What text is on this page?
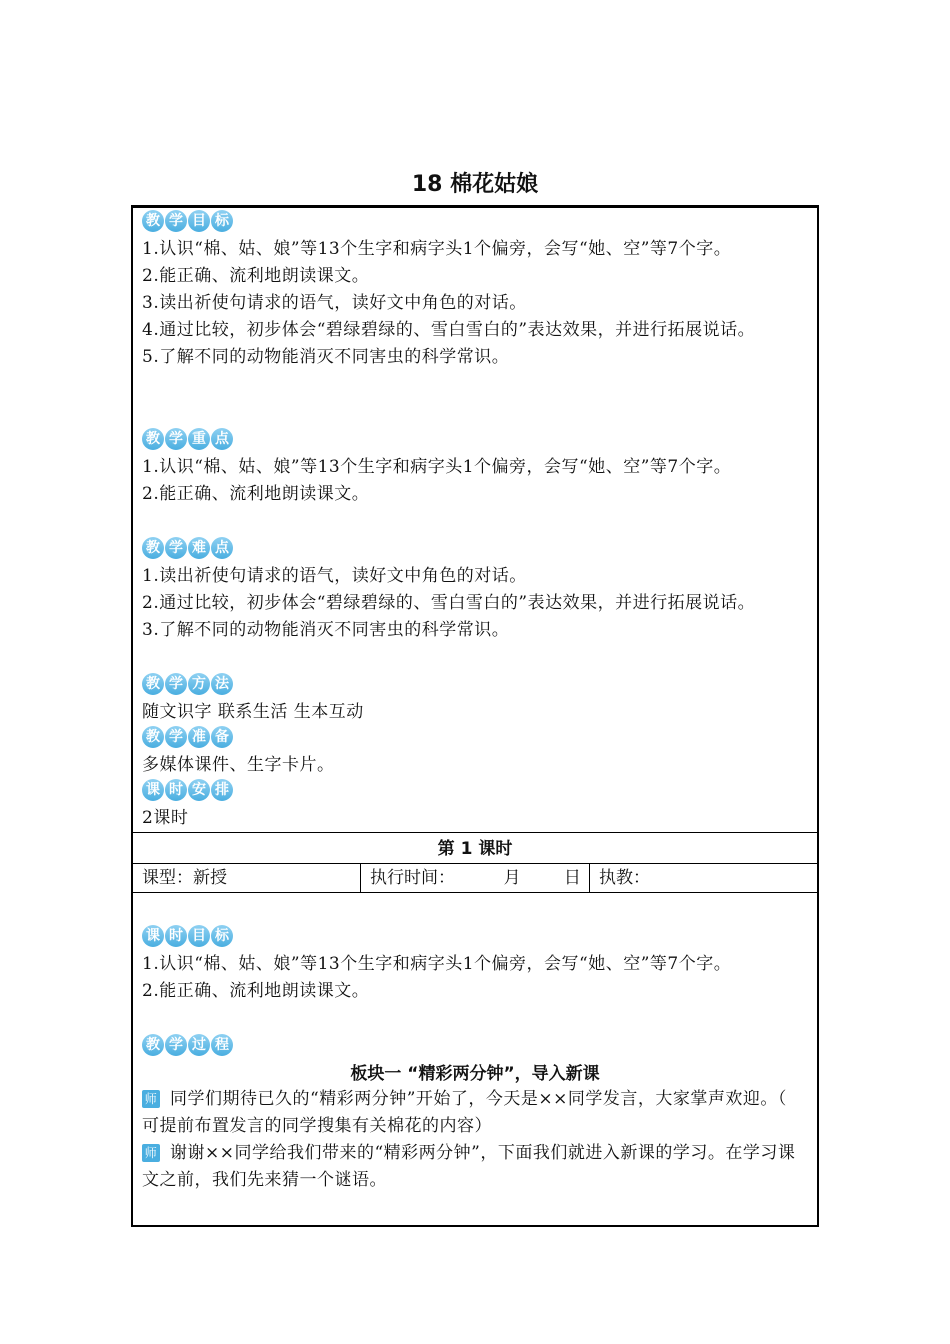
18 棉花姑娘
教 学 目 标
1.认识“棉、姑、娘”等13个生字和病字头1个偏旁，会写“她、空”等7个字。
2.能正确、流利地朗读课文。
3.读出祈使句请求的语气，读好文中角色的对话。
4.通过比较，初步体会“碧绿碧绿的、雪白雪白的”表达效果，并进行拓展说话。
5.了解不同的动物能消灭不同害虫的科学常识。
教 学 重 点
1.认识“棉、姑、娘”等13个生字和病字头1个偏旁，会写“她、空”等7个字。
2.能正确、流利地朗读课文。
教 学 难 点
1.读出祈使句请求的语气，读好文中角色的对话。
2.通过比较，初步体会“碧绿碧绿的、雪白雪白的”表达效果，并进行拓展说话。
3.了解不同的动物能消灭不同害虫的科学常识。
教 学 方 法
随文识字 联系生活 生本互动
教 学 准 备
多媒体课件、生字卡片。
课 时 安 排
2课时
第 1 课时
课型：新授	执行时间：         月        日 执教：
课 时 目 标
1.认识“棉、姑、娘”等13个生字和病字头1个偏旁，会写“她、空”等7个字。
2.能正确、流利地朗读课文。
教 学 过 程
板块一 “精彩两分钟”，导入新课
师 同学们期待已久的“精彩两分钟”开始了，今天是××同学发言，大家掌声欢迎。（ 可提前布置发言的同学搜集有关棉花的内容）
师 谢谢××同学给我们带来的“精彩两分钟”，下面我们就进入新课的学习。在学习课文之前，我们先来猜一个谜语。
